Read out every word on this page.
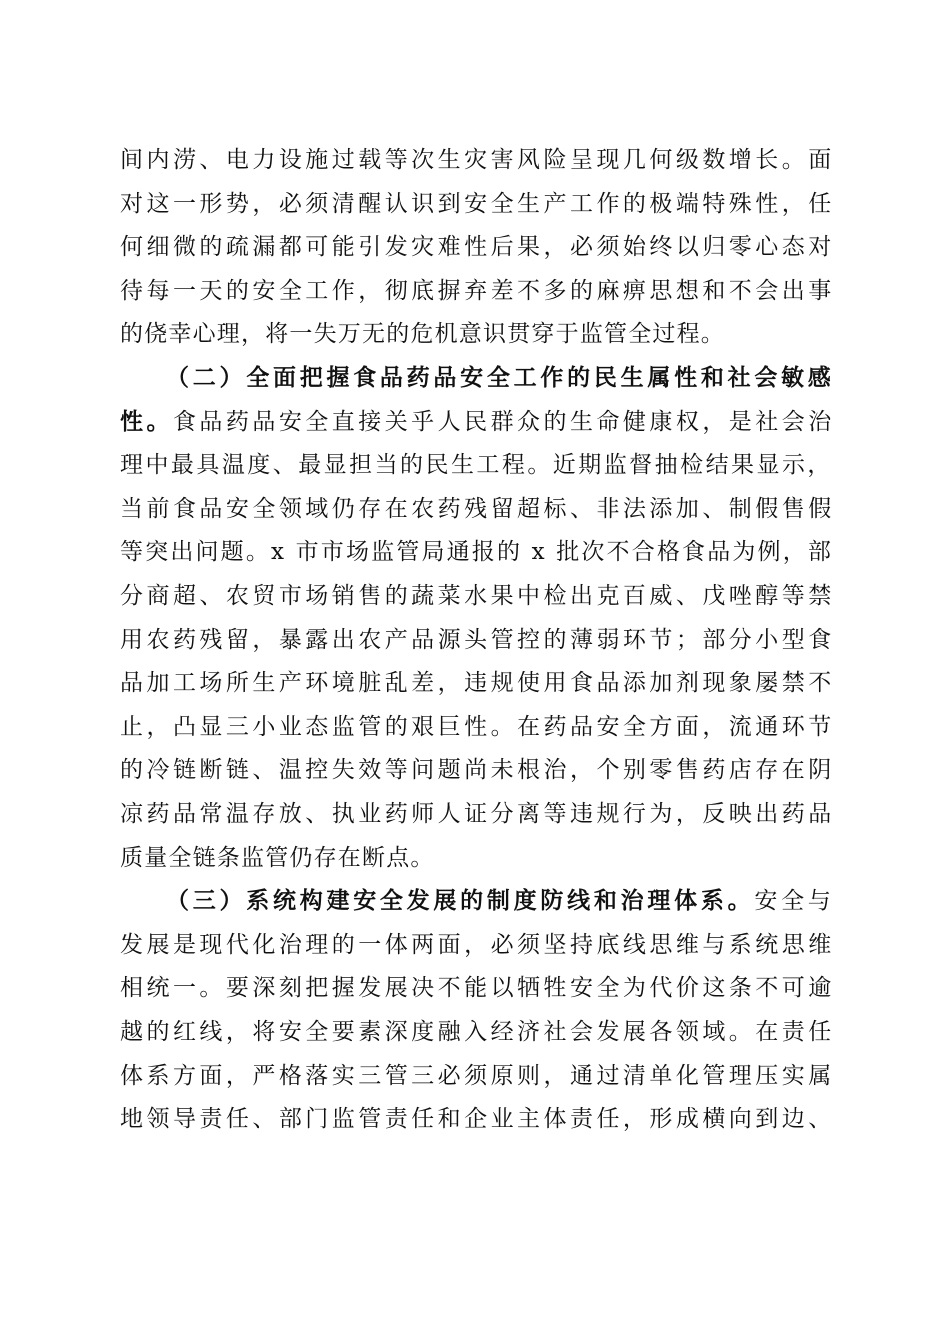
间内涝、电力设施过载等次生灾害风险呈现几何级数增长。面
对这一形势，必须清醒认识到安全生产工作的极端特殊性，任
何细微的疏漏都可能引发灾难性后果，必须始终以归零心态对
待每一天的安全工作，彻底摒弃差不多的麻痹思想和不会出事
的侥幸心理，将一失万无的危机意识贯穿于监管全过程。
（二）全面把握食品药品安全工作的民生属性和社会敏感
性。食品药品安全直接关乎人民群众的生命健康权，是社会治
理中最具温度、最显担当的民生工程。近期监督抽检结果显示，
当前食品安全领域仍存在农药残留超标、非法添加、制假售假
等突出问题。x 市市场监管局通报的 x 批次不合格食品为例，部
分商超、农贸市场销售的蔬菜水果中检出克百威、戊唑醇等禁
用农药残留，暴露出农产品源头管控的薄弱环节；部分小型食
品加工场所生产环境脏乱差，违规使用食品添加剂现象屡禁不
止，凸显三小业态监管的艰巨性。在药品安全方面，流通环节
的冷链断链、温控失效等问题尚未根治，个别零售药店存在阴
凉药品常温存放、执业药师人证分离等违规行为，反映出药品
质量全链条监管仍存在断点。
（三）系统构建安全发展的制度防线和治理体系。安全与
发展是现代化治理的一体两面，必须坚持底线思维与系统思维
相统一。要深刻把握发展决不能以牺牲安全为代价这条不可逾
越的红线，将安全要素深度融入经济社会发展各领域。在责任
体系方面，严格落实三管三必须原则，通过清单化管理压实属
地领导责任、部门监管责任和企业主体责任，形成横向到边、
